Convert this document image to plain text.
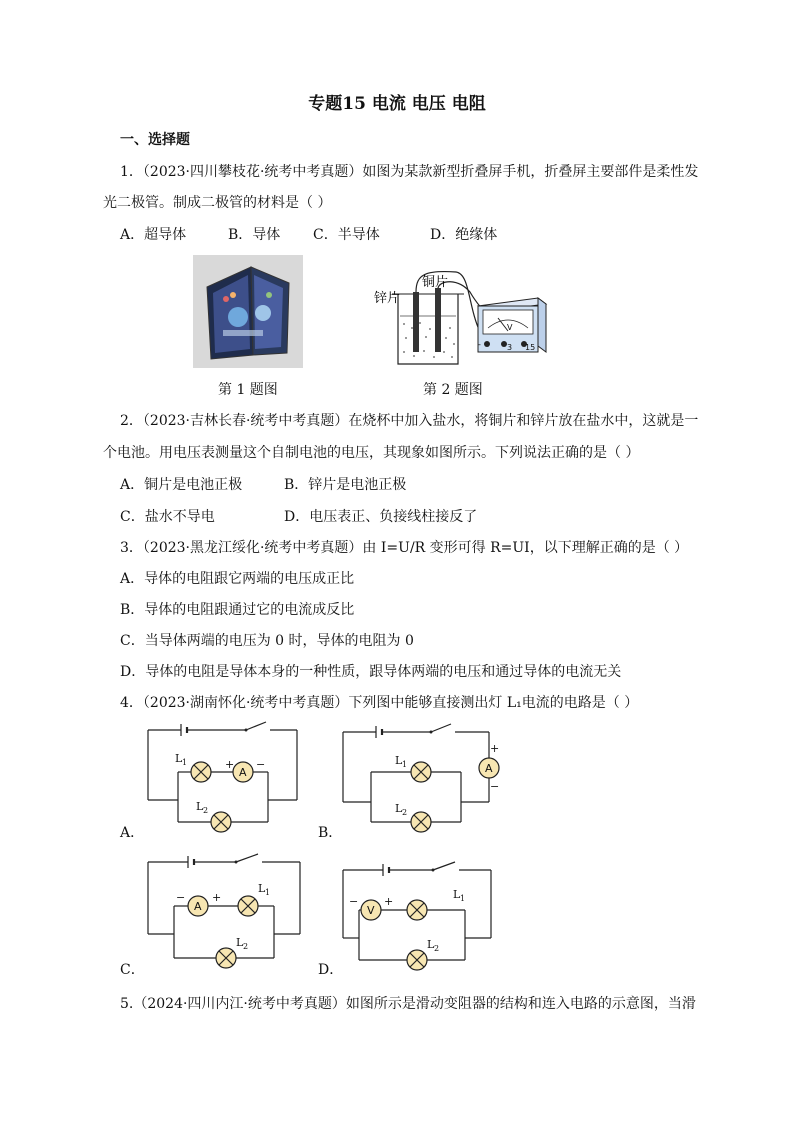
专题15 电流 电压 电阻
一、选择题
1．（2023·四川攀枝花·统考中考真题）如图为某款新型折叠屏手机，折叠屏主要部件是柔性发
光二极管。制成二极管的材料是（ ）
A．超导体	B．导体 C．半导体	D．绝缘体
第 1 题图
V
-	3 15
锌片
铜片
第 2 题图
2．（2023·吉林长春·统考中考真题）在烧杯中加入盐水，将铜片和锌片放在盐水中，这就是一
个电池。用电压表测量这个自制电池的电压，其现象如图所示。下列说法正确的是（ ）
A．铜片是电池正极	B．锌片是电池正极
C．盐水不导电	D．电压表正、负接线柱接反了
3．（2023·黑龙江绥化·统考中考真题）由 I=U/R 变形可得 R=UI，以下理解正确的是（ ）
A．导体的电阻跟它两端的电压成正比
B．导体的电阻跟通过它的电流成反比
C．当导体两端的电压为 0 时，导体的电阻为 0
D．导体的电阻是导体本身的一种性质，跟导体两端的电压和通过导体的电流无关
4．（2023·湖南怀化·统考中考真题）下列图中能够直接测出灯 L₁电流的电路是（ ）
A
+ −
L 1
L 2
A．
A
+
−
L 1
L 2
B．
A
− +
L 1
L 2
C．
V
− +
L 1
L 2
D．
5.（2024·四川内江·统考中考真题）如图所示是滑动变阻器的结构和连入电路的示意图，当滑
